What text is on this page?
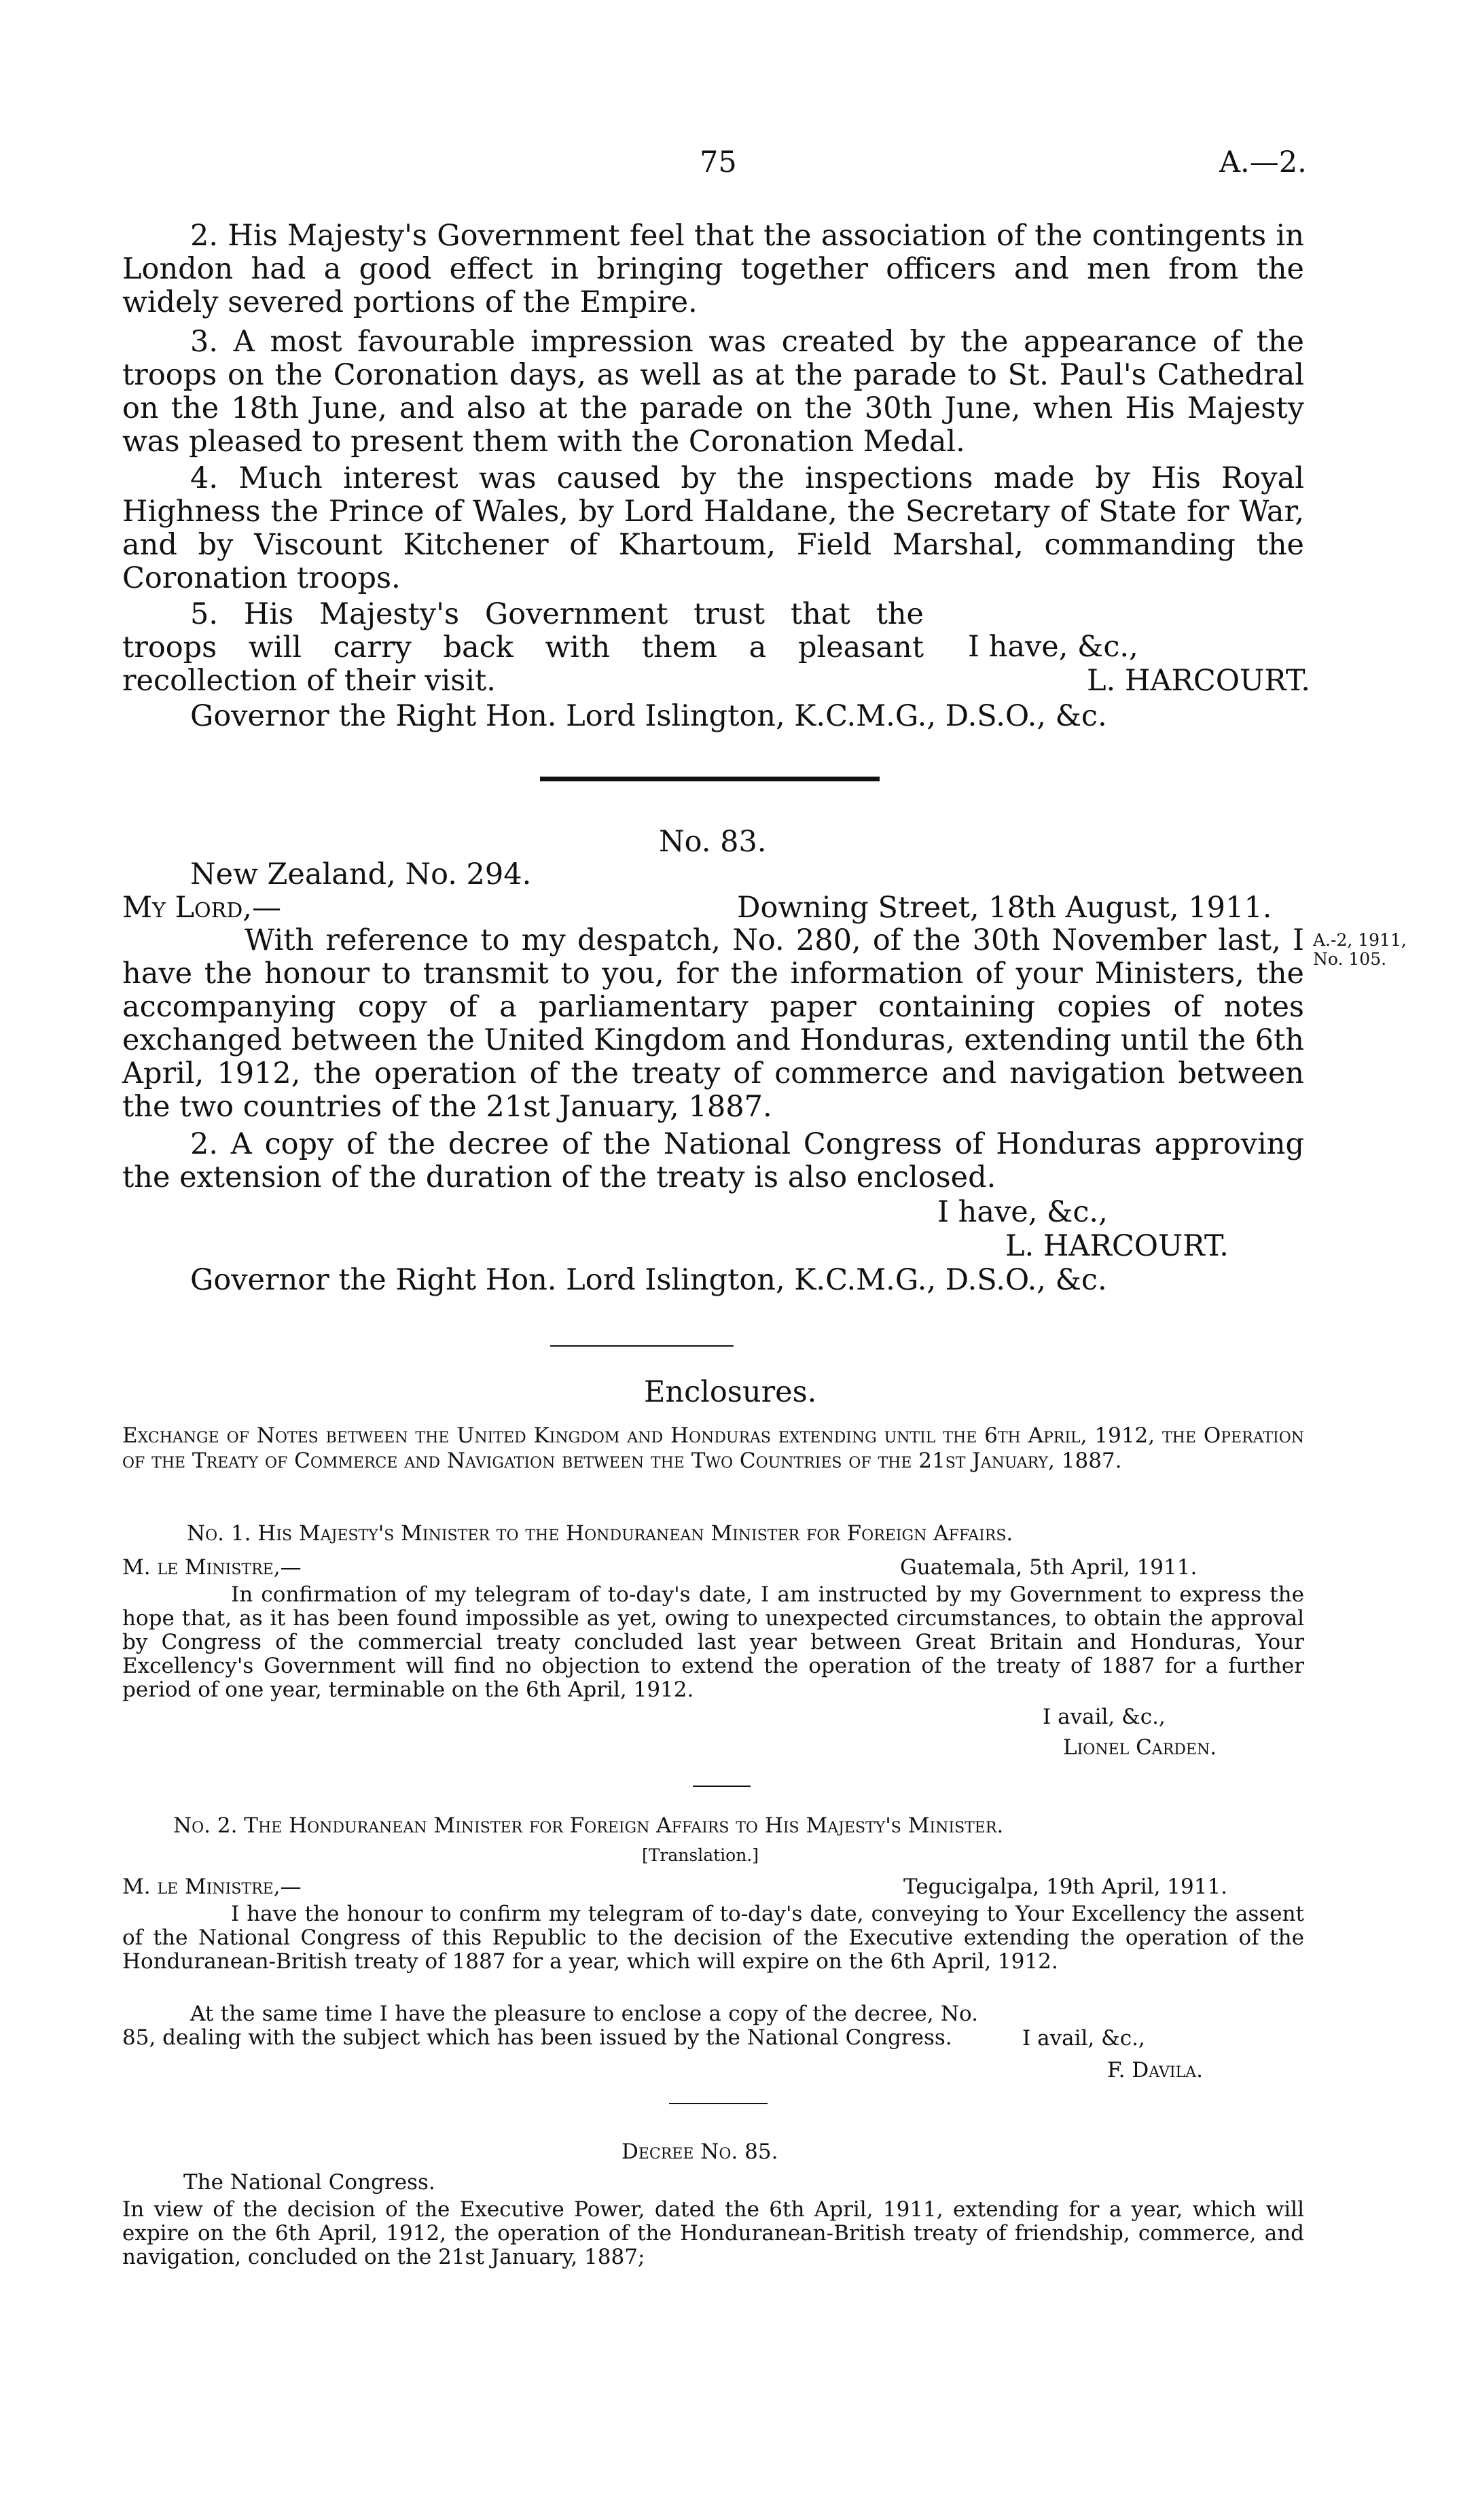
75	A.—2.
2. His Majesty's Government feel that the association of the contingents in London had a good effect in bringing together officers and men from the widely severed portions of the Empire.
3. A most favourable impression was created by the appearance of the troops on the Coronation days, as well as at the parade to St. Paul's Cathedral on the 18th June, and also at the parade on the 30th June, when His Majesty was pleased to present them with the Coronation Medal.
4. Much interest was caused by the inspections made by His Royal Highness the Prince of Wales, by Lord Haldane, the Secretary of State for War, and by Viscount Kitchener of Khartoum, Field Marshal, commanding the Coronation troops.
5. His Majesty's Government trust that the troops will carry back with them a pleasant recollection of their visit.
I have, &c.,
L. HARCOURT.
Governor the Right Hon. Lord Islington, K.C.M.G., D.S.O., &c.
No. 83.
New Zealand, No. 294.
My Lord,—	Downing Street, 18th August, 1911.
A.-2, 1911,
No. 105.
With reference to my despatch, No. 280, of the 30th November last, I have the honour to transmit to you, for the information of your Ministers, the accompanying copy of a parliamentary paper containing copies of notes exchanged between the United Kingdom and Honduras, extending until the 6th April, 1912, the operation of the treaty of commerce and navigation between the two countries of the 21st January, 1887.
2. A copy of the decree of the National Congress of Honduras approving the extension of the duration of the treaty is also enclosed.
I have, &c.,
L. HARCOURT.
Governor the Right Hon. Lord Islington, K.C.M.G., D.S.O., &c.
Enclosures.
Exchange of Notes between the United Kingdom and Honduras extending until the 6th April, 1912, the Operation of the Treaty of Commerce and Navigation between the Two Countries of the 21st January, 1887.
No. 1. His Majesty's Minister to the Honduranean Minister for Foreign Affairs.
M. le Ministre,—	Guatemala, 5th April, 1911.
In confirmation of my telegram of to-day's date, I am instructed by my Government to express the hope that, as it has been found impossible as yet, owing to unexpected circumstances, to obtain the approval by Congress of the commercial treaty concluded last year between Great Britain and Honduras, Your Excellency's Government will find no objection to extend the operation of the treaty of 1887 for a further period of one year, terminable on the 6th April, 1912.
I avail, &c.,
Lionel Carden.
No. 2. The Honduranean Minister for Foreign Affairs to His Majesty's Minister.
[Translation.]
M. le Ministre,—	Tegucigalpa, 19th April, 1911.
I have the honour to confirm my telegram of to-day's date, conveying to Your Excellency the assent of the National Congress of this Republic to the decision of the Executive extending the operation of the Honduranean-British treaty of 1887 for a year, which will expire on the 6th April, 1912.
At the same time I have the pleasure to enclose a copy of the decree, No. 85, dealing with the subject which has been issued by the National Congress.	I avail, &c.,
F. Davila.
Decree No. 85.
The National Congress.
In view of the decision of the Executive Power, dated the 6th April, 1911, extending for a year, which will expire on the 6th April, 1912, the operation of the Honduranean-British treaty of friendship, commerce, and navigation, concluded on the 21st January, 1887;
